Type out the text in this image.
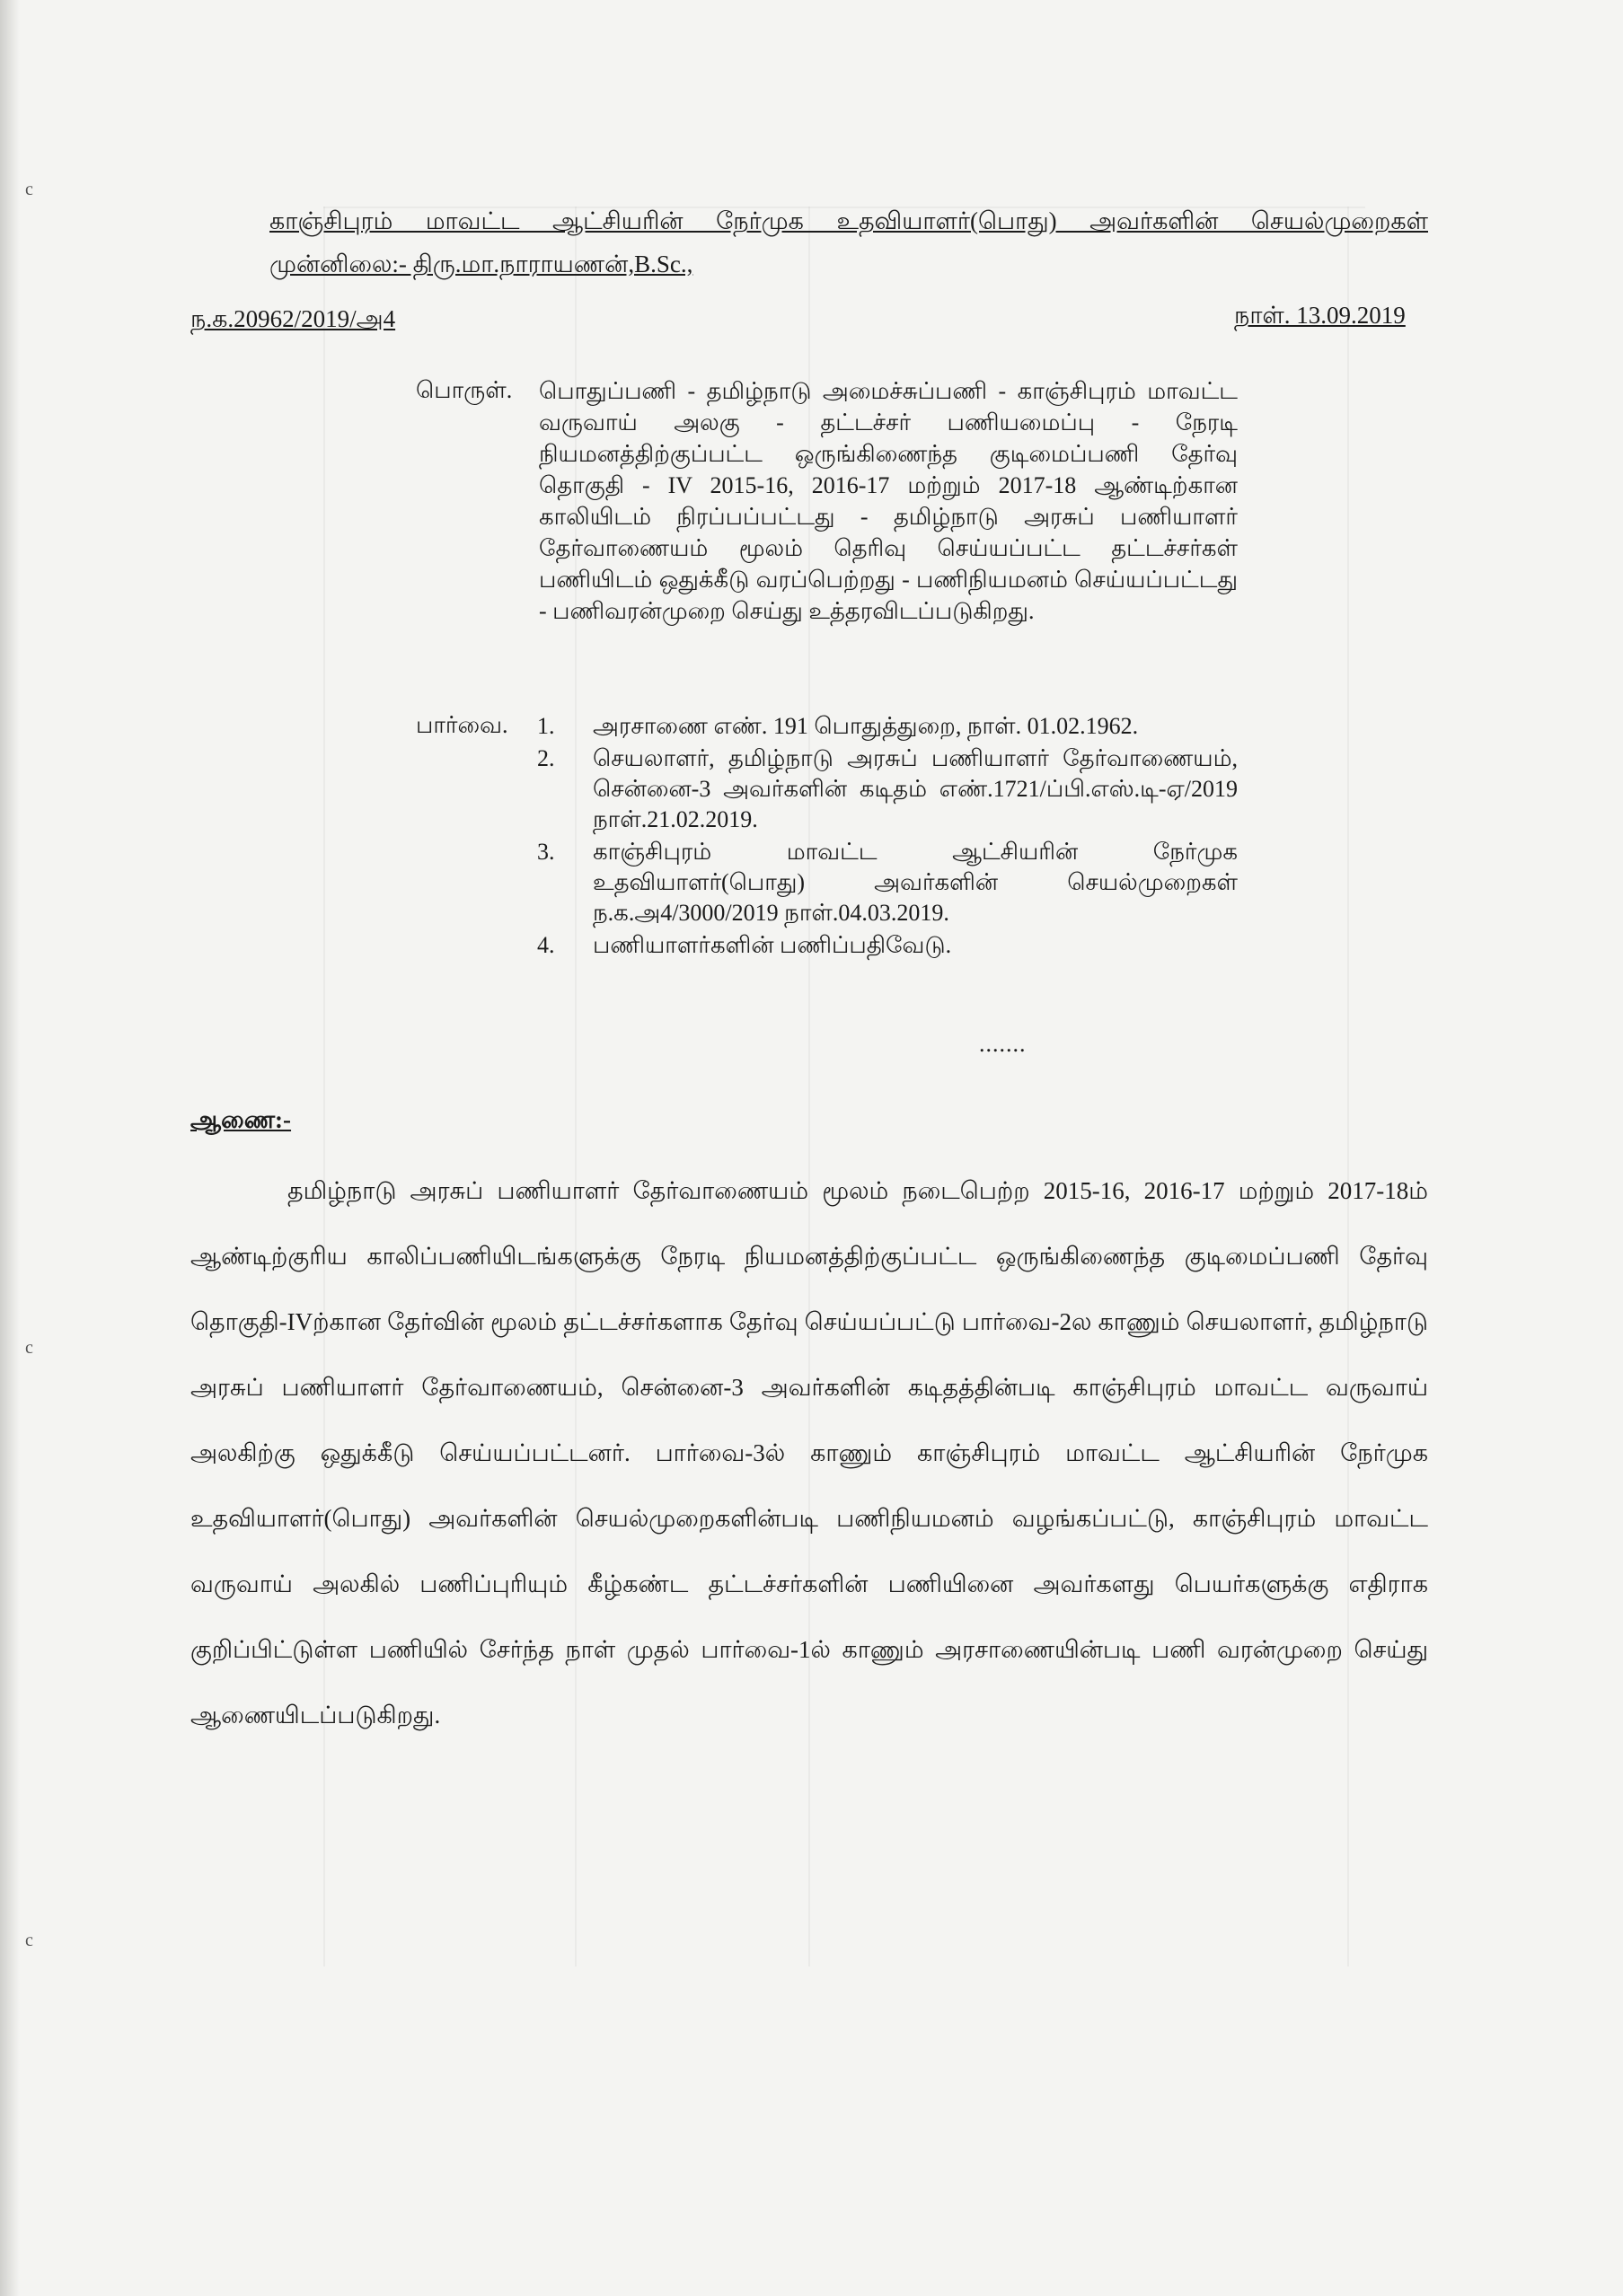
c
c
c
காஞ்சிபுரம் மாவட்ட ஆட்சியரின் நேர்முக உதவியாளர்(பொது) அவர்களின் செயல்முறைகள்
முன்னிலை:- திரு.மா.நாராயணன்,B.Sc.,
ந.க.20962/2019/அ4	நாள். 13.09.2019
பொருள். பொதுப்பணி - தமிழ்நாடு அமைச்சுப்பணி - காஞ்சிபுரம் மாவட்ட வருவாய் அலகு - தட்டச்சர் பணியமைப்பு - நேரடி நியமனத்திற்குப்பட்ட ஒருங்கிணைந்த குடிமைப்பணி தேர்வு தொகுதி - IV 2015-16, 2016-17 மற்றும் 2017-18 ஆண்டிற்கான காலியிடம் நிரப்பப்பட்டது - தமிழ்நாடு அரசுப் பணியாளர் தேர்வாணையம் மூலம் தெரிவு செய்யப்பட்ட தட்டச்சர்கள் பணியிடம் ஒதுக்கீடு வரப்பெற்றது - பணிநியமனம் செய்யப்பட்டது - பணிவரன்முறை செய்து உத்தரவிடப்படுகிறது.
பார்வை. 1.	அரசாணை எண். 191 பொதுத்துறை, நாள். 01.02.1962.
2.	செயலாளர், தமிழ்நாடு அரசுப் பணியாளர் தேர்வாணையம், சென்னை-3 அவர்களின் கடிதம் எண்.1721/ப்பி.எஸ்.டி-ஏ/2019 நாள்.21.02.2019.
3.	காஞ்சிபுரம் மாவட்ட ஆட்சியரின் நேர்முக உதவியாளர்(பொது) அவர்களின் செயல்முறைகள் ந.க.அ4/3000/2019 நாள்.04.03.2019.
4.	பணியாளர்களின் பணிப்பதிவேடு.
.......
ஆணை:-
தமிழ்நாடு அரசுப் பணியாளர் தேர்வாணையம் மூலம் நடைபெற்ற 2015-16, 2016-17 மற்றும் 2017-18ம் ஆண்டிற்குரிய காலிப்பணியிடங்களுக்கு நேரடி நியமனத்திற்குப்பட்ட ஒருங்கிணைந்த குடிமைப்பணி தேர்வு தொகுதி-IVற்கான தேர்வின் மூலம் தட்டச்சர்களாக தேர்வு செய்யப்பட்டு பார்வை-2ல காணும் செயலாளர், தமிழ்நாடு அரசுப் பணியாளர் தேர்வாணையம், சென்னை-3 அவர்களின் கடிதத்தின்படி காஞ்சிபுரம் மாவட்ட வருவாய் அலகிற்கு ஒதுக்கீடு செய்யப்பட்டனர். பார்வை-3ல் காணும் காஞ்சிபுரம் மாவட்ட ஆட்சியரின் நேர்முக உதவியாளர்(பொது) அவர்களின் செயல்முறைகளின்படி பணிநியமனம் வழங்கப்பட்டு, காஞ்சிபுரம் மாவட்ட வருவாய் அலகில் பணிப்புரியும் கீழ்கண்ட தட்டச்சர்களின் பணியினை அவர்களது பெயர்களுக்கு எதிராக குறிப்பிட்டுள்ள பணியில் சேர்ந்த நாள் முதல் பார்வை-1ல் காணும் அரசாணையின்படி பணி வரன்முறை செய்து ஆணையிடப்படுகிறது.
